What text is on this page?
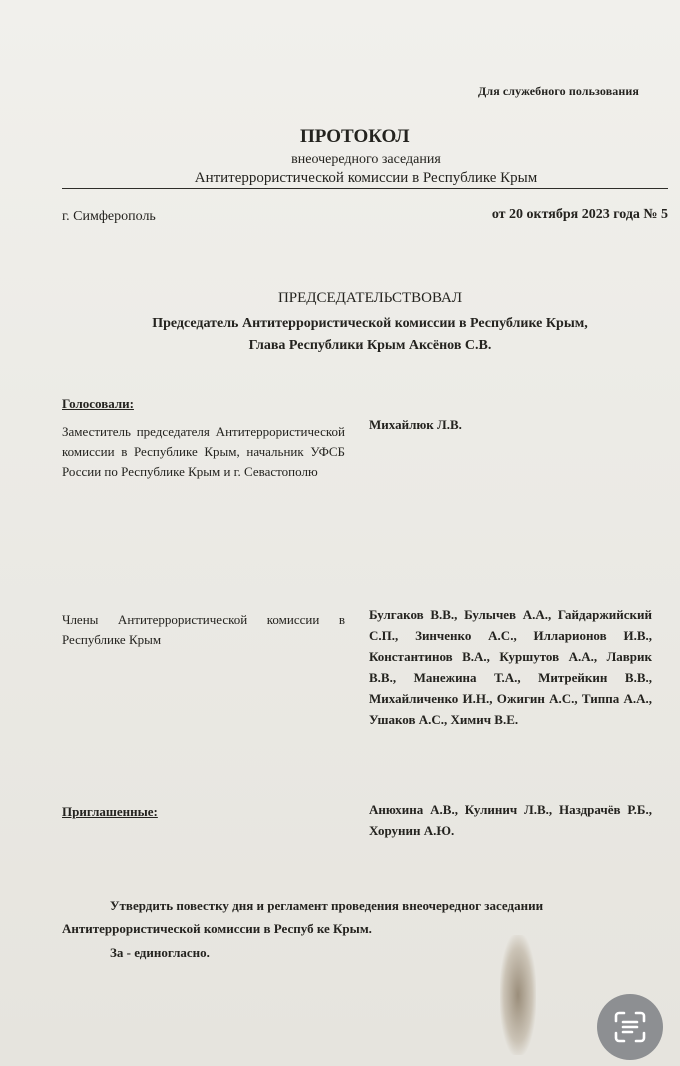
Для служебного пользования
ПРОТОКОЛ
внеочередного заседания
Антитеррористической комиссии в Республике Крым
г. Симферополь	от 20 октября 2023 года № 5
ПРЕДСЕДАТЕЛЬСТВОВАЛ
Председатель Антитеррористической комиссии в Республике Крым,
Глава Республики Крым Аксёнов С.В.
Голосовали:
Заместитель председателя Антитеррористической комиссии в Республике Крым, начальник УФСБ России по Республике Крым и г. Севастополю
Михайлюк Л.В.
Члены Антитеррористической комиссии в Республике Крым
Булгаков В.В., Булычев А.А., Гайдаржийский С.П., Зинченко А.С., Илларионов И.В., Константинов В.А., Куршутов А.А., Лаврик В.В., Манежина Т.А., Митрейкин В.В., Михайличенко И.Н., Ожигин А.С., Типпа А.А., Ушаков А.С., Химич В.Е.
Приглашенные:	Анюхина А.В., Кулинич Л.В., Наздрачёв Р.Б., Хорунин А.Ю.
Утвердить повестку дня и регламент проведения внеочередног заседании Антитеррористической комиссии в Респуб ке Крым.
За - единогласно.
